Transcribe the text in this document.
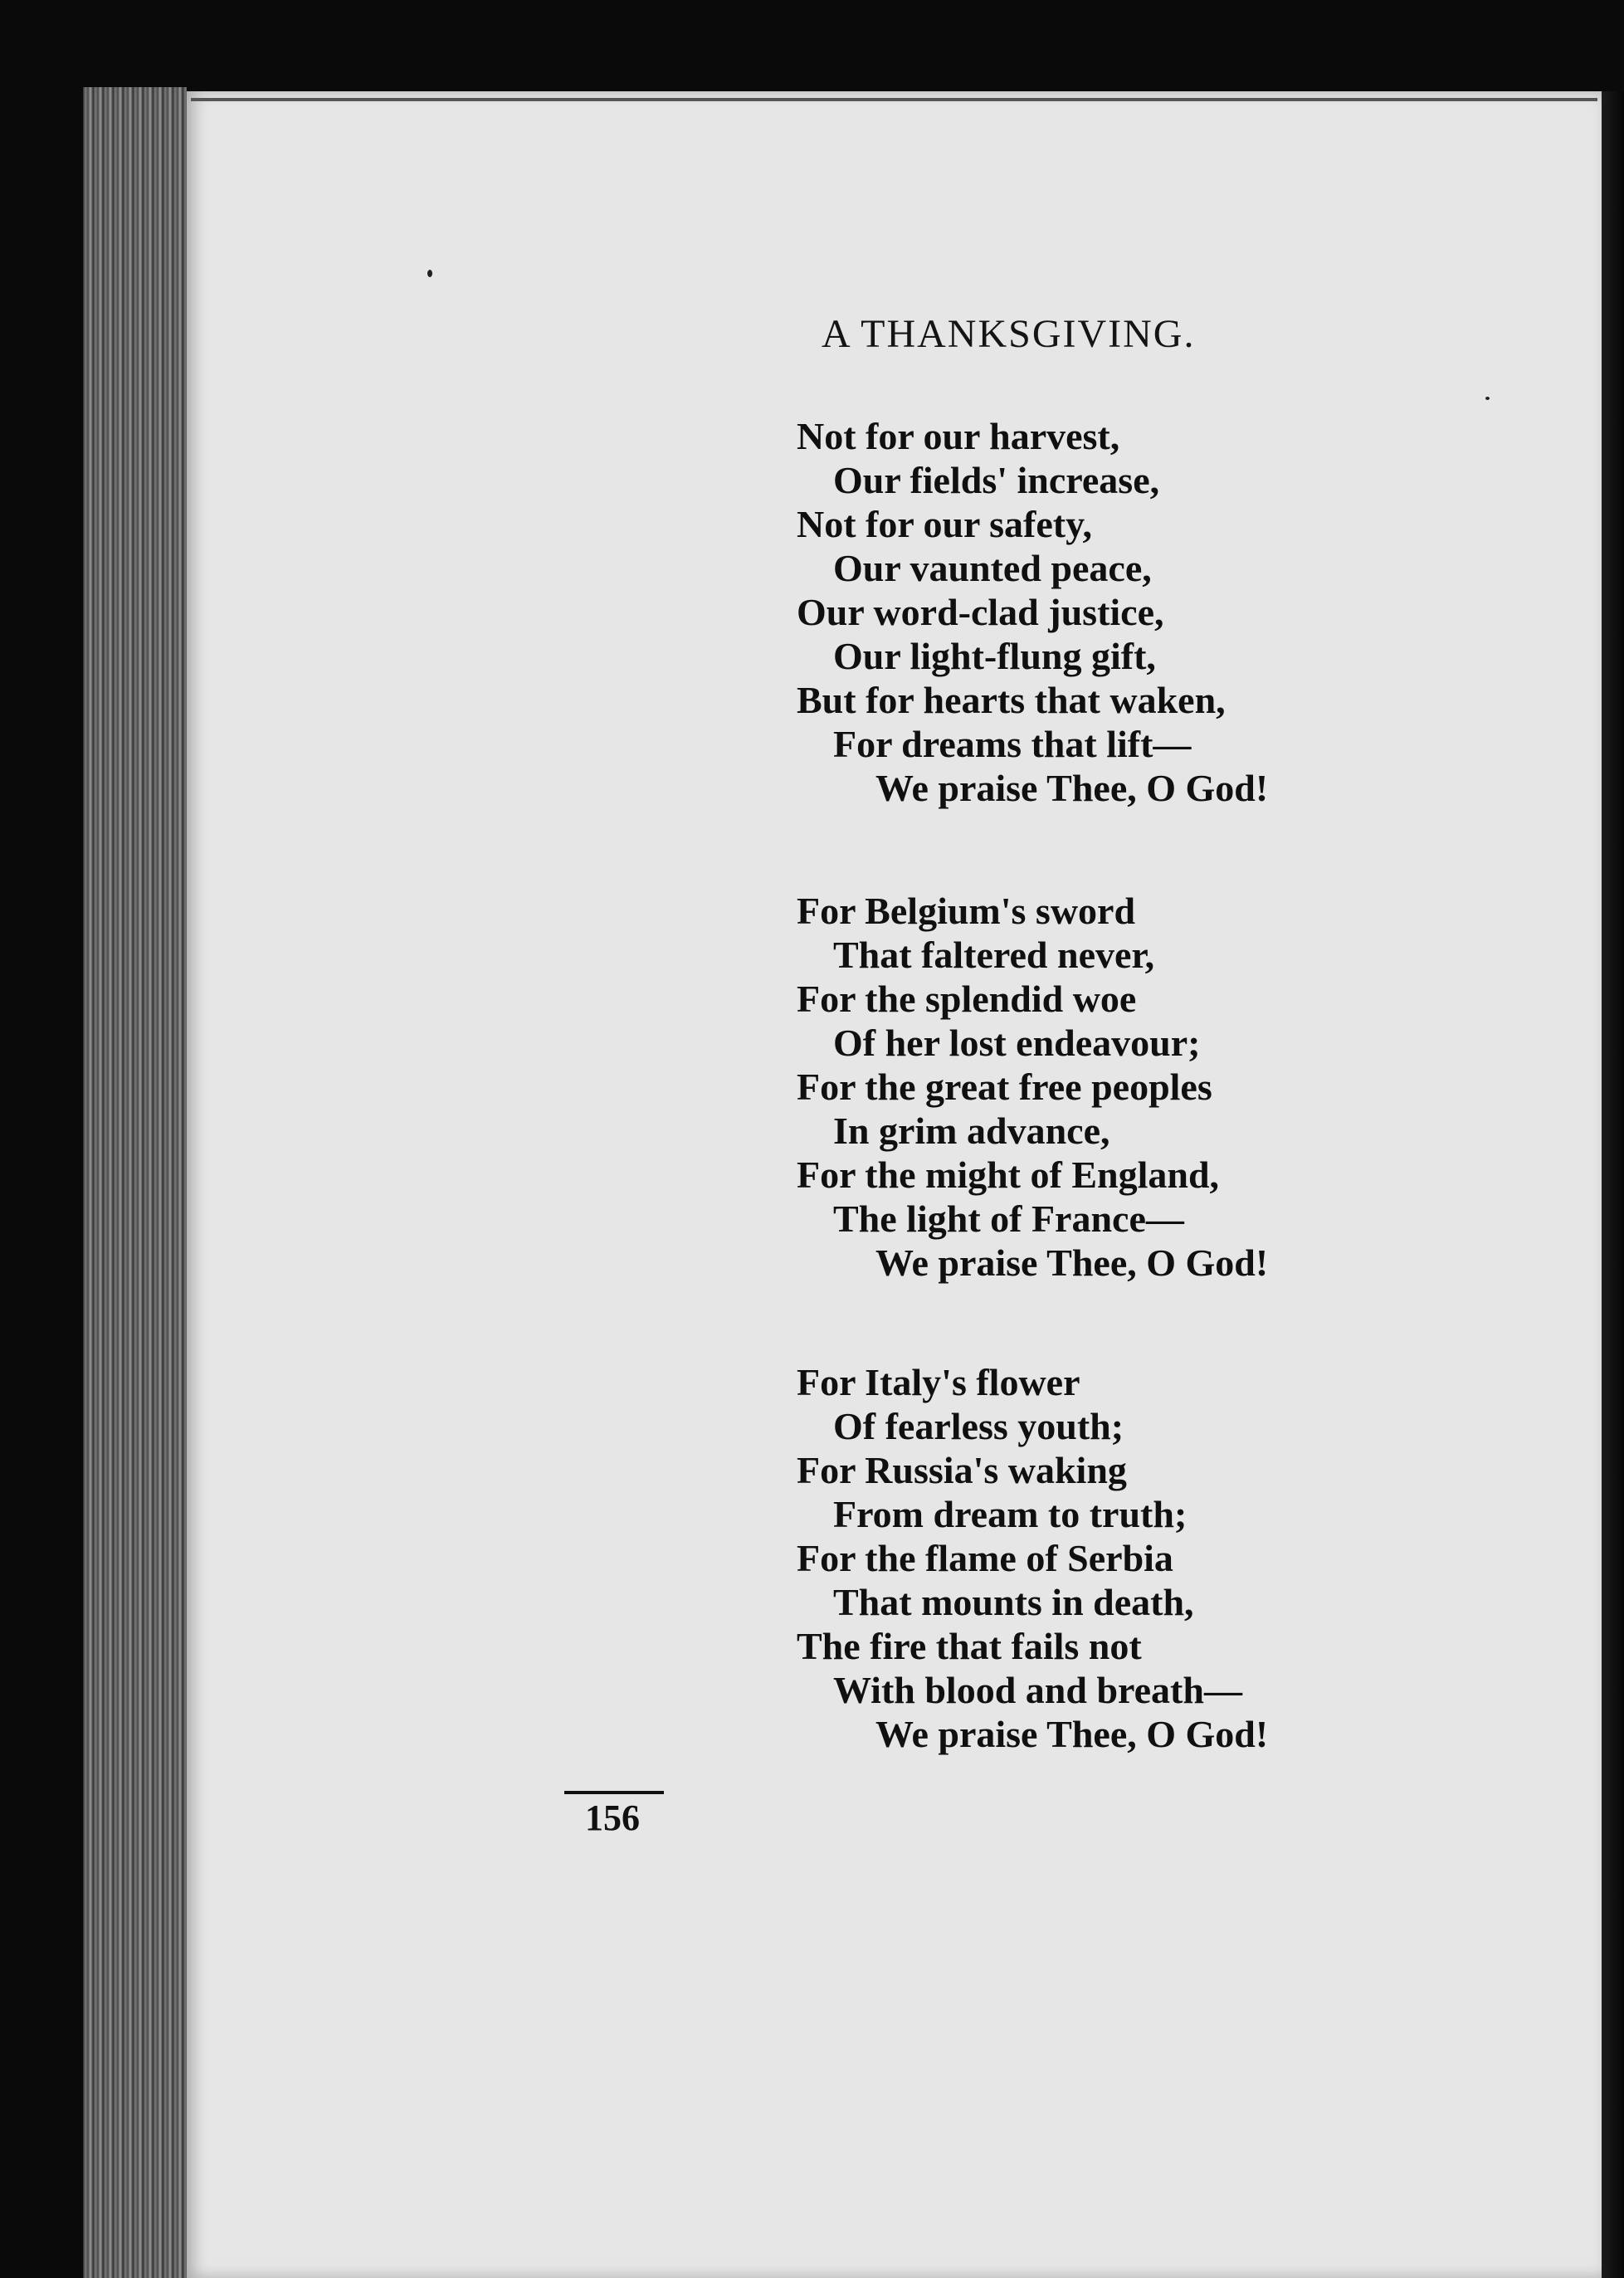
A THANKSGIVING.
Not for our harvest,
Our fields' increase,
Not for our safety,
Our vaunted peace,
Our word-clad justice,
Our light-flung gift,
But for hearts that waken,
For dreams that lift—
We praise Thee, O God!
For Belgium's sword
That faltered never,
For the splendid woe
Of her lost endeavour;
For the great free peoples
In grim advance,
For the might of England,
The light of France—
We praise Thee, O God!
For Italy's flower
Of fearless youth;
For Russia's waking
From dream to truth;
For the flame of Serbia
That mounts in death,
The fire that fails not
With blood and breath—
We praise Thee, O God!
156
